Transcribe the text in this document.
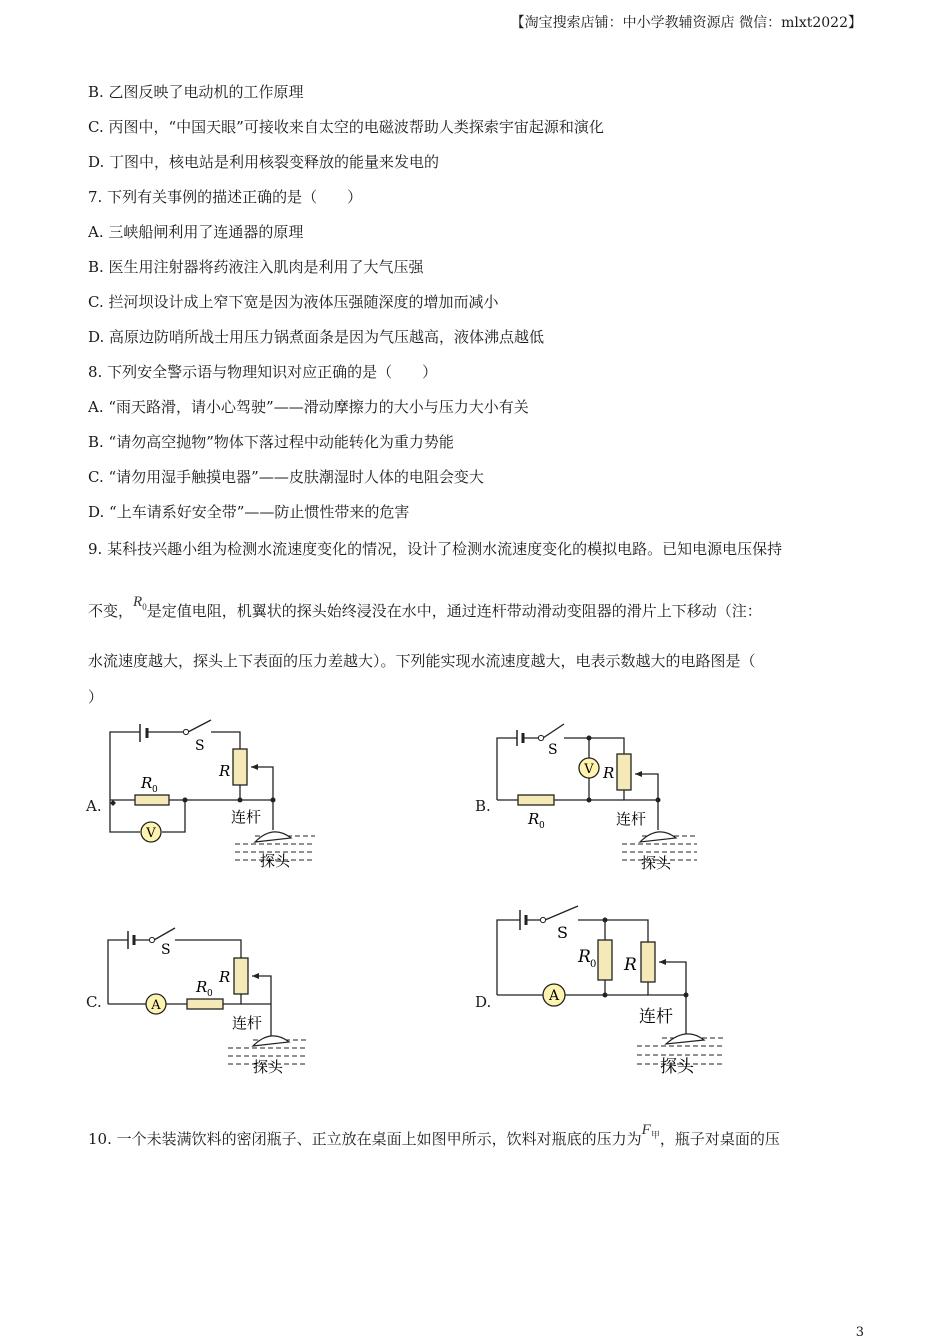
【淘宝搜索店铺：中小学教辅资源店 微信：mlxt2022】
B. 乙图反映了电动机的工作原理
C. 丙图中，“中国天眼”可接收来自太空的电磁波帮助人类探索宇宙起源和演化
D. 丁图中，核电站是利用核裂变释放的能量来发电的
7. 下列有关事例的描述正确的是（　　）
A. 三峡船闸利用了连通器的原理
B. 医生用注射器将药液注入肌肉是利用了大气压强
C. 拦河坝设计成上窄下宽是因为液体压强随深度的增加而减小
D. 高原边防哨所战士用压力锅煮面条是因为气压越高，液体沸点越低
8. 下列安全警示语与物理知识对应正确的是（　　）
A. “雨天路滑，请小心驾驶”——滑动摩擦力的大小与压力大小有关
B. “请勿高空抛物”物体下落过程中动能转化为重力势能
C. “请勿用湿手触摸电器”——皮肤潮湿时人体的电阻会变大
D. “上车请系好安全带”——防止惯性带来的危害
9. 某科技兴趣小组为检测水流速度变化的情况，设计了检测水流速度变化的模拟电路。已知电源电压保持
不变，$R_0$是定值电阻，机翼状的探头始终浸没在水中，通过连杆带动滑动变阻器的滑片上下移动（注：
水流速度越大，探头上下表面的压力差越大）。下列能实现水流速度越大，电表示数越大的电路图是（
）
A.
V
S
R
R 0
连杆
探头
B.
V
S
R
R 0	连杆
探头
C.	A
S
R
R 0
连杆
探头
D.	A
S
R 0 R
连杆
探头
10. 一个未装满饮料的密闭瓶子、正立放在桌面上如图甲所示，饮料对瓶底的压力为$F_甲$，瓶子对桌面的压
3
